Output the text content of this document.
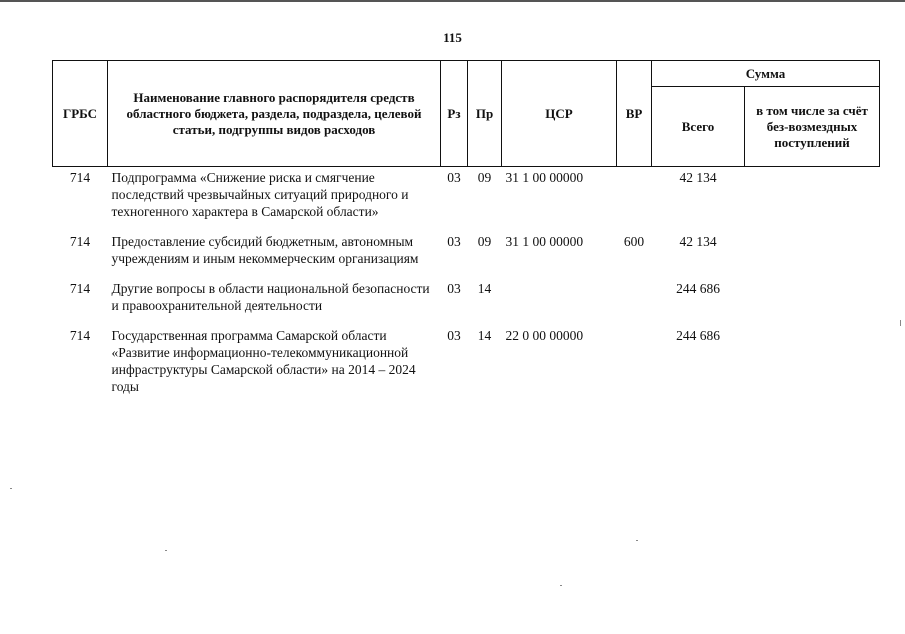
115
ГРБС	Наименование главного распорядителя средств областного бюджета, раздела, подраздела, целевой статьи, подгруппы видов расходов	Рз	Пр	ЦСР	ВР	Сумма	
						Всего	в том числе за счёт без-возмездных поступлений
714	Подпрограмма «Снижение риска и смягчение последствий чрезвычайных ситуаций природного и техногенного характера в Самарской области»	03	09	31 1 00 00000		42 134	
714	Предоставление субсидий бюджетным, автономным учреждениям и иным некоммерческим организациям	03	09	31 1 00 00000	600	42 134	
714	Другие вопросы в области национальной безопасности и правоохранительной деятельности	03	14			244 686	
714	Государственная программа Самарской области «Развитие информационно-телекоммуникационной инфраструктуры Самарской области» на 2014 – 2024 годы	03	14	22 0 00 00000		244 686	
